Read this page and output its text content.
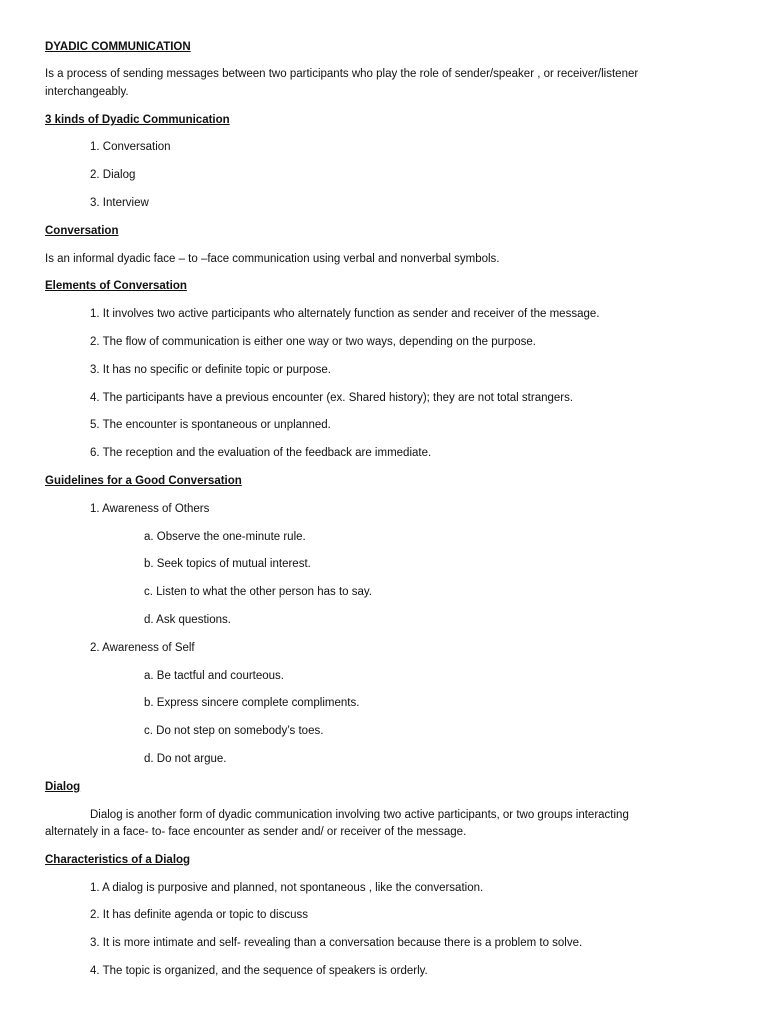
DYADIC COMMUNICATION
Is a process of sending messages between two participants who play the role of sender/speaker , or receiver/listener
interchangeably.
3 kinds of Dyadic Communication
1. Conversation
2. Dialog
3. Interview
Conversation
Is an informal dyadic face – to –face communication using verbal and nonverbal symbols.
Elements of Conversation
1. It involves two active participants who alternately function as sender and receiver of the message.
2. The flow of communication is either one way or two ways, depending on the purpose.
3. It has no specific or definite topic or purpose.
4. The participants have a previous encounter (ex. Shared history); they are not total strangers.
5. The encounter is spontaneous or unplanned.
6. The reception and the evaluation of the feedback are immediate.
Guidelines for a Good Conversation
1. Awareness of Others
a. Observe the one-minute rule.
b. Seek topics of mutual interest.
c. Listen to what the other person has to say.
d. Ask questions.
2. Awareness of Self
a. Be tactful and courteous.
b. Express sincere complete compliments.
c. Do not step on somebody’s toes.
d. Do not argue.
Dialog
Dialog is another form of dyadic communication involving two active participants, or two groups interacting
alternately in a face- to- face encounter as sender and/ or receiver of the message.
Characteristics of a Dialog
1. A dialog is purposive and planned, not spontaneous , like the conversation.
2. It has definite agenda or topic to discuss
3. It is more intimate and self- revealing than a conversation because there is a problem to solve.
4. The topic is organized, and the sequence of speakers is orderly.
